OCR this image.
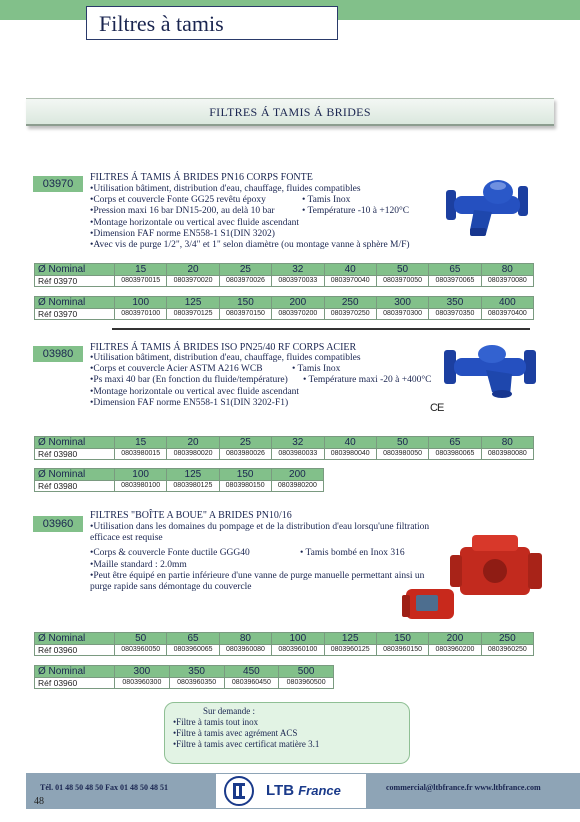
Filtres à tamis
FILTRES Á TAMIS Á BRIDES
03970
FILTRES Á TAMIS Á BRIDES PN16 CORPS FONTE
• Utilisation bâtiment, distribution d'eau, chauffage, fluides compatibles
• Corps et couvercle Fonte GG25 revêtu époxy
• Pression maxi 16 bar DN15-200, au delà 10 bar
• Montage horizontale ou vertical avec fluide ascendant
• Dimension FAF norme EN558-1 S1(DIN 3202)
• Avec vis de purge 1/2", 3/4" et 1" selon diamètre (ou montage vanne à sphère M/F)
• Tamis Inox
• Température -10 à +120°C
Ø Nominal	15	20	25	32	40	50	65	80
Réf 03970	0803970015	0803970020	0803970026	0803970033	0803970040	0803970050	0803970065	0803970080
Ø Nominal	100	125	150	200	250	300	350	400
Réf 03970	0803970100	0803970125	0803970150	0803970200	0803970250	0803970300	0803970350	0803970400
03980
FILTRES Á TAMIS Á BRIDES ISO PN25/40 RF CORPS ACIER
• Utilisation bâtiment, distribution d'eau, chauffage, fluides compatibles
• Corps et couvercle Acier ASTM A216 WCB
• Ps maxi 40 bar (En fonction du fluide/température)
• Montage horizontale ou vertical avec fluide ascendant
• Dimension FAF norme EN558-1 S1(DIN 3202-F1)
• Tamis Inox
• Température maxi -20 à +400°C
CE
Ø Nominal	15	20	25	32	40	50	65	80
Réf 03980	0803980015	0803980020	0803980026	0803980033	0803980040	0803980050	0803980065	0803980080
Ø Nominal	100	125	150	200
Réf 03980	0803980100	0803980125	0803980150	0803980200
03960
FILTRES "BOÎTE A BOUE" A BRIDES PN10/16
• Utilisation dans les domaines du pompage et de la distribution d'eau lorsqu'une filtration
efficace est requise
• Corps & couvercle Fonte ductile GGG40
• Maille standard : 2.0mm
• Peut être équipé en partie inférieure d'une vanne de purge manuelle permettant ainsi un
purge rapide sans démontage du couvercle
• Tamis bombé en Inox 316
Ø Nominal	50	65	80	100	125	150	200	250
Réf 03960	0803960050	0803960065	0803960080	0803960100	0803960125	0803960150	0803960200	0803960250
Ø Nominal	300	350	450	500
Réf 03960	0803960300	0803960350	0803960450	0803960500
Sur demande :
• Filtre à tamis tout inox
• Filtre à tamis avec agrément ACS
• Filtre à tamis avec certificat matière 3.1
Tél. 01 48 50 48 50 Fax 01 48 50 48 51	LTB France	commercial@ltbfrance.fr www.ltbfrance.com
48
